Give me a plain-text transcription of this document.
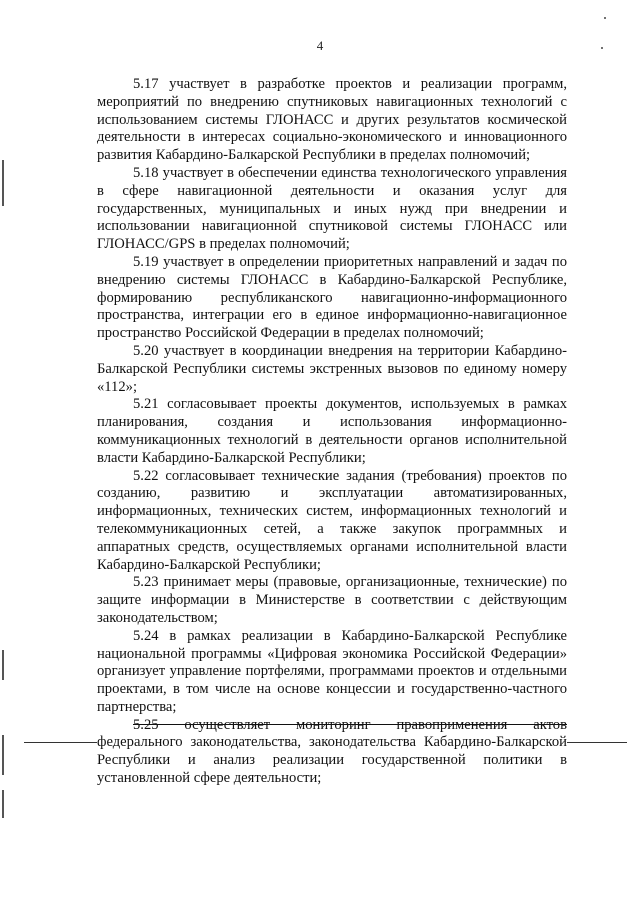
4

5.17 участвует в разработке проектов и реализации программ, мероприятий по внедрению спутниковых навигационных технологий с использованием системы ГЛОНАСС и других результатов космической деятельности в интересах социально-экономического и инновационного развития Кабардино-Балкарской Республики в пределах полномочий;

5.18 участвует в обеспечении единства технологического управления в сфере навигационной деятельности и оказания услуг для государственных, муниципальных и иных нужд при внедрении и использовании навигационной спутниковой системы ГЛОНАСС или ГЛОНАСС/GPS в пределах полномочий;

5.19 участвует в определении приоритетных направлений и задач по внедрению системы ГЛОНАСС в Кабардино-Балкарской Республике, формированию республиканского навигационно-информационного пространства, интеграции его в единое информационно-навигационное пространство Российской Федерации в пределах полномочий;

5.20 участвует в координации внедрения на территории Кабардино-Балкарской Республики системы экстренных вызовов по единому номеру «112»;

5.21 согласовывает проекты документов, используемых в рамках планирования, создания и использования информационно-коммуникационных технологий в деятельности органов исполнительной власти Кабардино-Балкарской Республики;

5.22 согласовывает технические задания (требования) проектов по созданию, развитию и эксплуатации автоматизированных, информационных, технических систем, информационных технологий и телекоммуникационных сетей, а также закупок программных и аппаратных средств, осуществляемых органами исполнительной власти Кабардино-Балкарской Республики;

5.23 принимает меры (правовые, организационные, технические) по защите информации в Министерстве в соответствии с действующим законодательством;

5.24 в рамках реализации в Кабардино-Балкарской Республике национальной программы «Цифровая экономика Российской Федерации» организует управление портфелями, программами проектов и отдельными проектами, в том числе на основе концессии и государственно-частного партнерства;

5.25 осуществляет мониторинг правоприменения актов федерального законодательства, законодательства Кабардино-Балкарской Республики и анализ реализации государственной политики в установленной сфере деятельности;
